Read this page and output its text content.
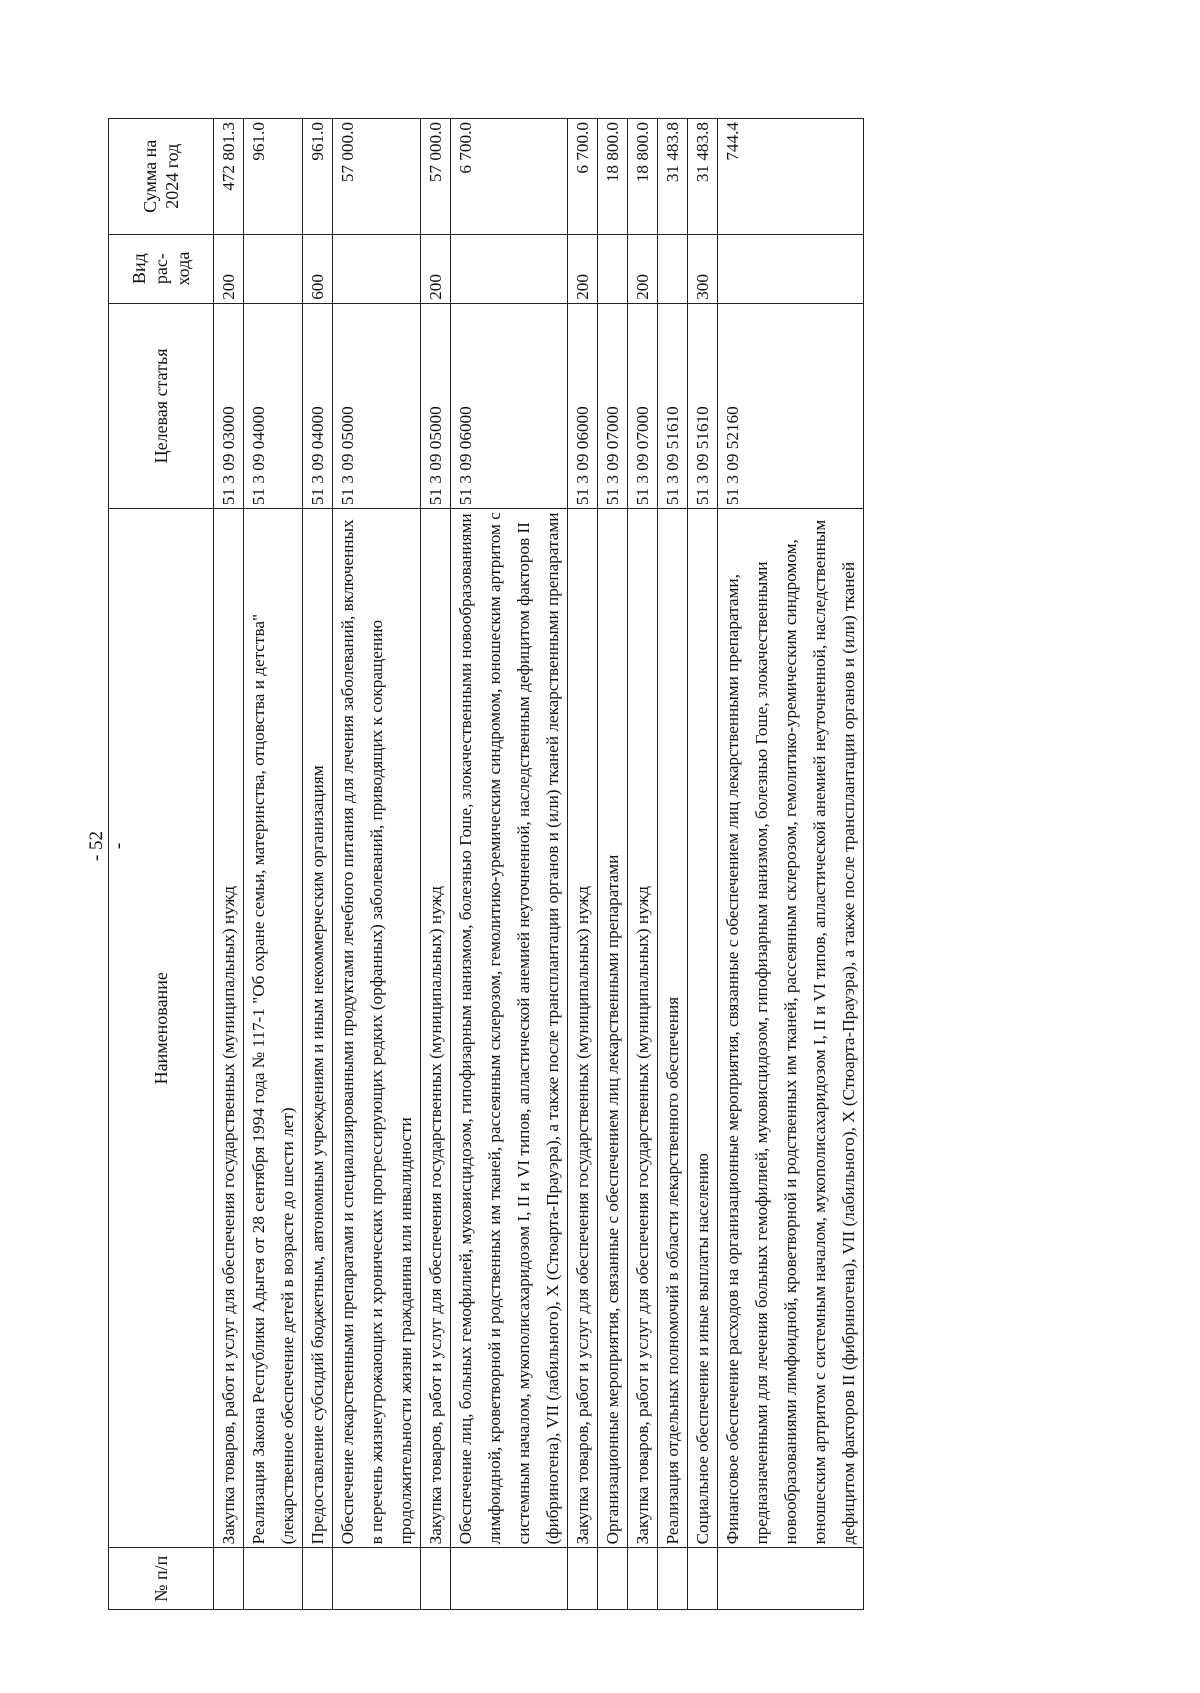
- 52 -
№ п/п	Наименование	Целевая статья	Вид рас-хода	Сумма на 2024 год
	Закупка товаров, работ и услуг для обеспечения государственных (муниципальных) нужд	51 3 09 03000	200	472 801.3
	Реализация Закона Республики Адыгея от 28 сентября 1994 года № 117-1 "Об охране семьи, материнства, отцовства и детства" (лекарственное обеспечение детей в возрасте до шести лет)	51 3 09 04000		961.0
	Предоставление субсидий бюджетным, автономным учреждениям и иным некоммерческим организациям	51 3 09 04000	600	961.0
	Обеспечение лекарственными препаратами и специализированными продуктами лечебного питания для лечения заболеваний, включенных в перечень жизнеугрожающих и хронических прогрессирующих редких (орфанных) заболеваний, приводящих к сокращению продолжительности жизни гражданина или инвалидности	51 3 09 05000		57 000.0
	Закупка товаров, работ и услуг для обеспечения государственных (муниципальных) нужд	51 3 09 05000	200	57 000.0
	Обеспечение лиц, больных гемофилией, муковисцидозом, гипофизарным нанизмом, болезнью Гоше, злокачественными новообразованиями лимфоидной, кроветворной и родственных им тканей, рассеянным склерозом, гемолитико-уремическим синдромом, юношеским артритом с системным началом, мукополисахаридозом I, II и VI типов, апластической анемией неуточненной, наследственным дефицитом факторов II (фибриногена), VII (лабильного), X (Стюарта-Прауэра), а также после трансплантации органов и (или) тканей лекарственными препаратами	51 3 09 06000		6 700.0
	Закупка товаров, работ и услуг для обеспечения государственных (муниципальных) нужд	51 3 09 06000	200	6 700.0
	Организационные мероприятия, связанные с обеспечением лиц лекарственными препаратами	51 3 09 07000		18 800.0
	Закупка товаров, работ и услуг для обеспечения государственных (муниципальных) нужд	51 3 09 07000	200	18 800.0
	Реализация отдельных полномочий в области лекарственного обеспечения	51 3 09 51610		31 483.8
	Социальное обеспечение и иные выплаты населению	51 3 09 51610	300	31 483.8
	Финансовое обеспечение расходов на организационные мероприятия, связанные с обеспечением лиц лекарственными препаратами, предназначенными для лечения больных гемофилией, муковисцидозом, гипофизарным нанизмом, болезнью Гоше, злокачественными новообразованиями лимфоидной, кроветворной и родственных им тканей, рассеянным склерозом, гемолитико-уремическим синдромом, юношеским артритом с системным началом, мукополисахаридозом I, II и VI типов, апластической анемией неуточненной, наследственным дефицитом факторов II (фибриногена), VII (лабильного), X (Стюарта-Прауэра), а также после трансплантации органов и (или) тканей	51 3 09 52160		744.4
